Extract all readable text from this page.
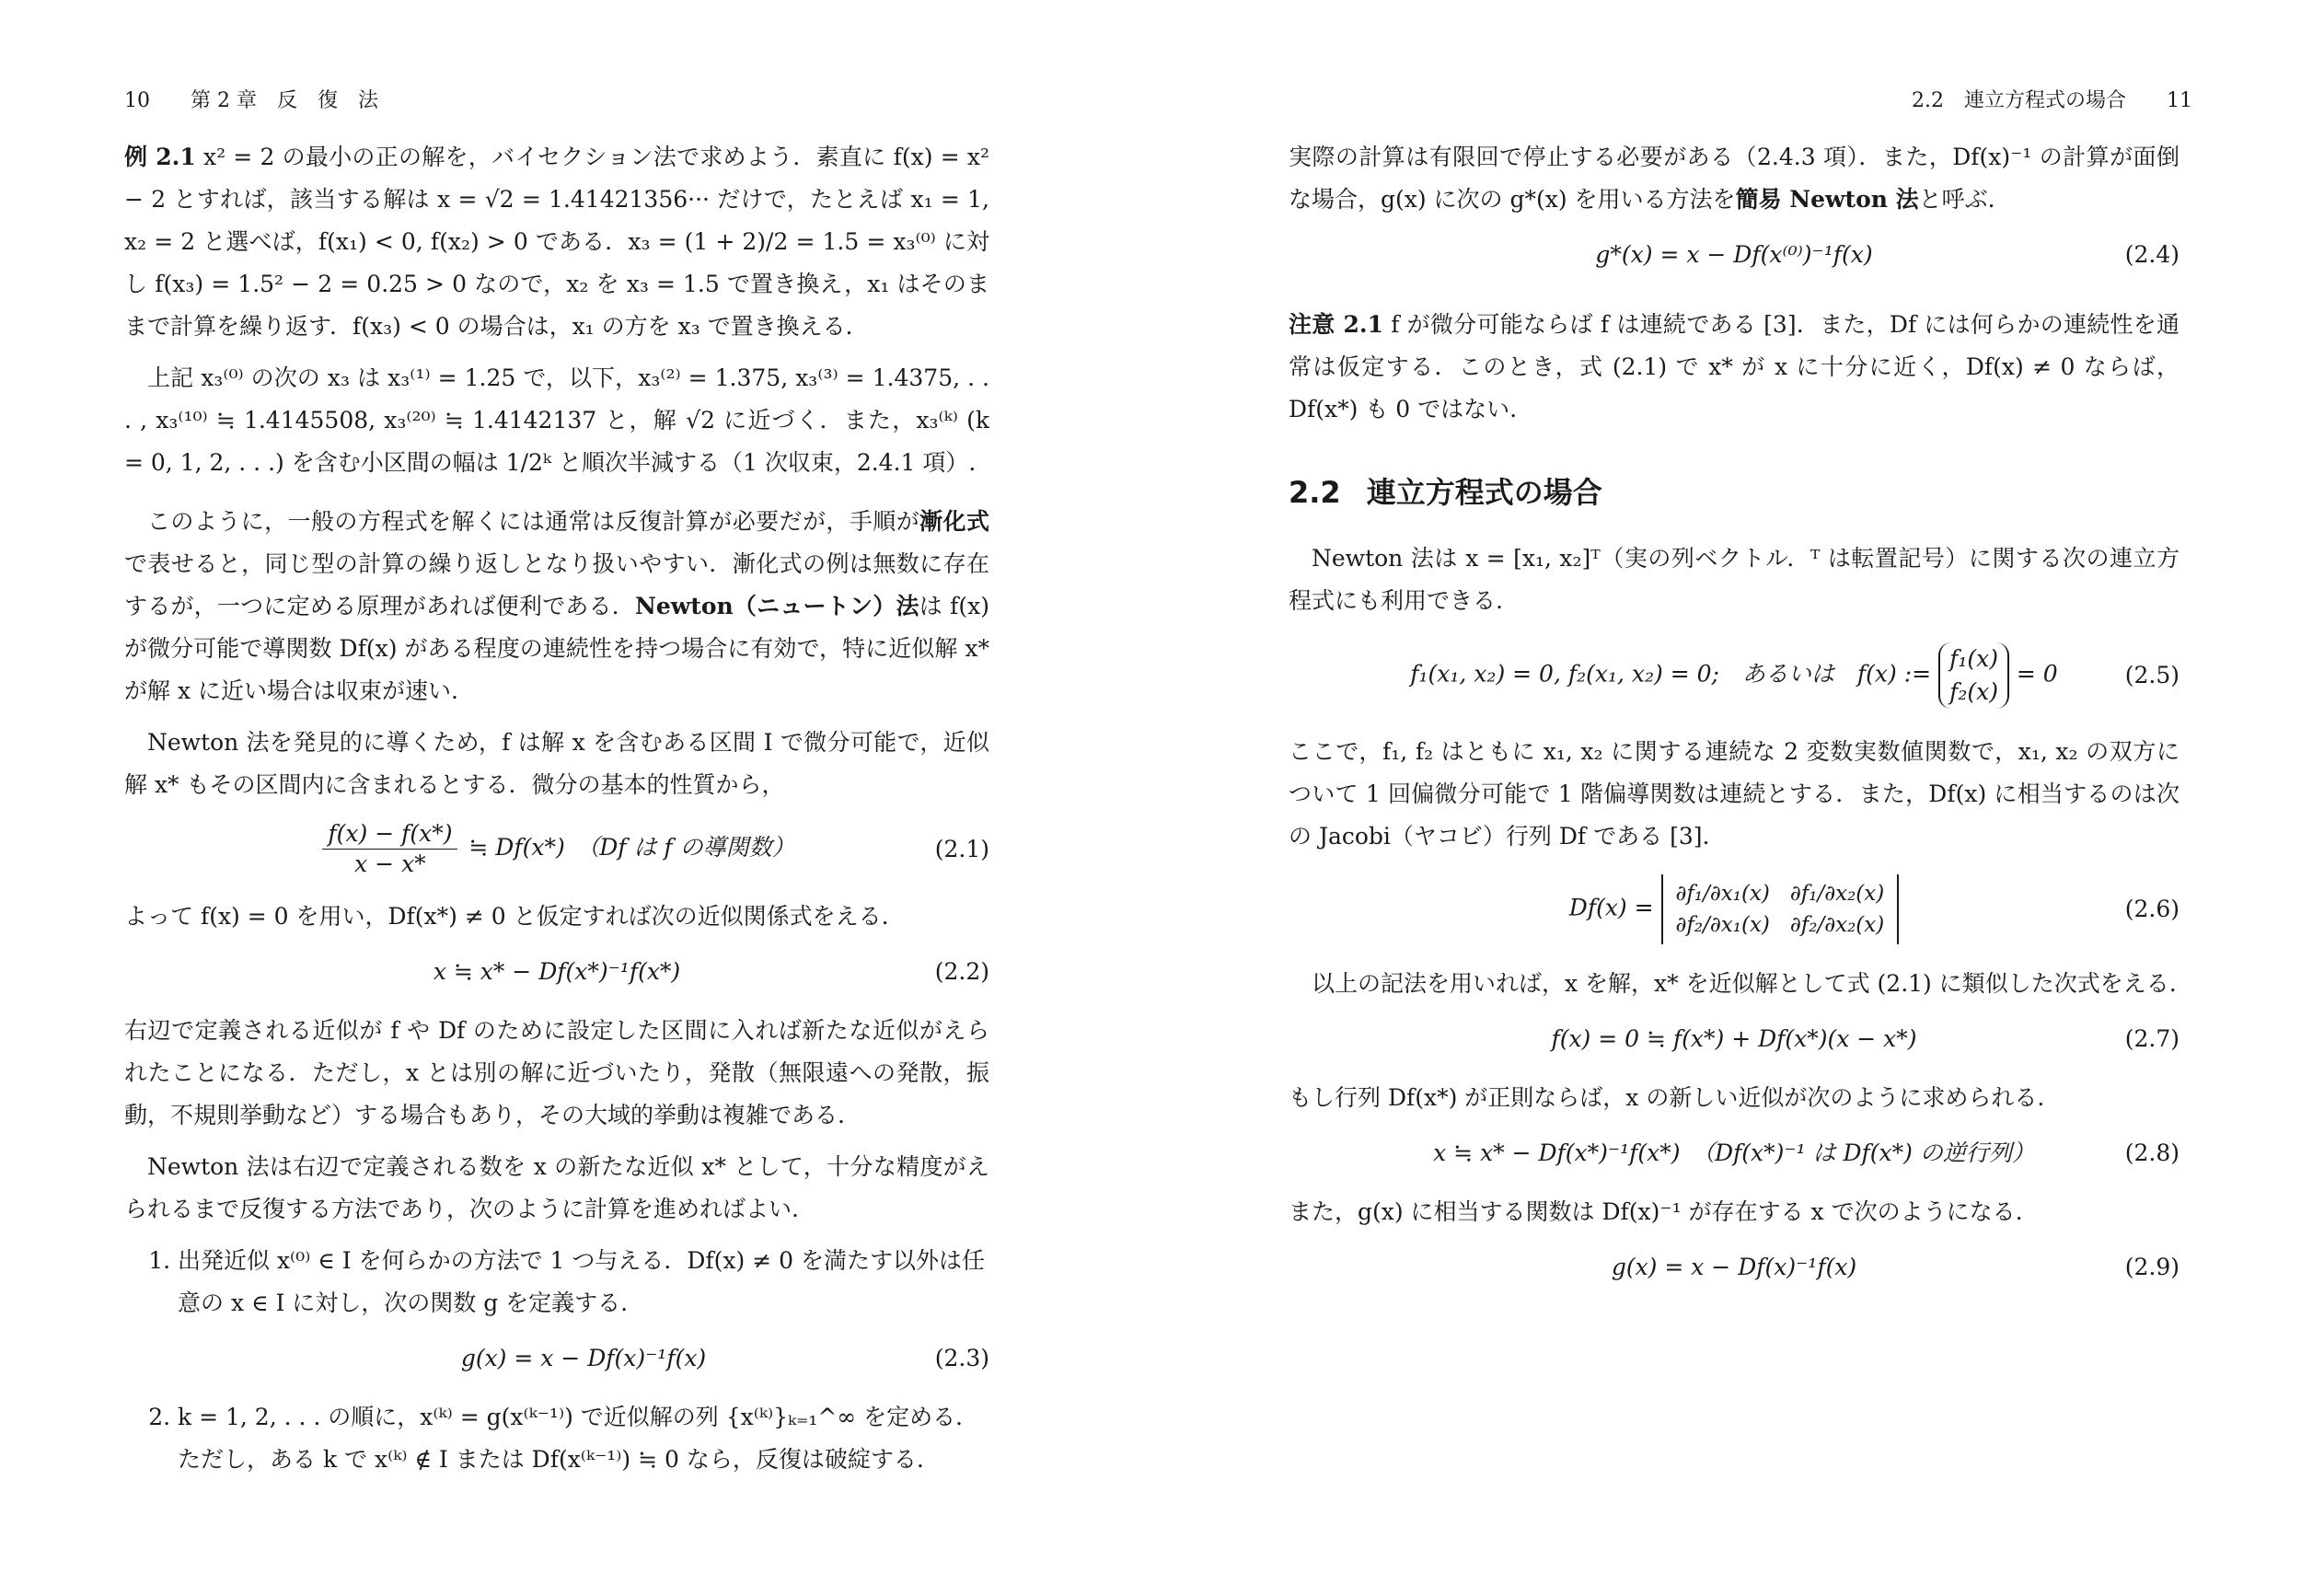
10　　第 2 章　反　復　法

例 2.1 x² = 2 の最小の正の解を，バイセクション法で求めよう．素直に f(x) = x² − 2 とすれば，該当する解は x = √2 = 1.41421356··· だけで，たとえば x₁ = 1, x₂ = 2 と選べば，f(x₁) < 0, f(x₂) > 0 である．x₃ = (1 + 2)/2 = 1.5 = x₃⁽⁰⁾ に対し f(x₃) = 1.5² − 2 = 0.25 > 0 なので，x₂ を x₃ = 1.5 で置き換え，x₁ はそのままで計算を繰り返す．f(x₃) < 0 の場合は，x₁ の方を x₃ で置き換える．

上記 x₃⁽⁰⁾ の次の x₃ は x₃⁽¹⁾ = 1.25 で，以下，x₃⁽²⁾ = 1.375, x₃⁽³⁾ = 1.4375, . . . , x₃⁽¹⁰⁾ ≒ 1.4145508, x₃⁽²⁰⁾ ≒ 1.4142137 と，解 √2 に近づく．また，x₃⁽ᵏ⁾ (k = 0, 1, 2, . . .) を含む小区間の幅は 1/2ᵏ と順次半減する（1 次収束，2.4.1 項）.

このように，一般の方程式を解くには通常は反復計算が必要だが，手順が漸化式で表せると，同じ型の計算の繰り返しとなり扱いやすい．漸化式の例は無数に存在するが，一つに定める原理があれば便利である．Newton（ニュートン）法は f(x) が微分可能で導関数 Df(x) がある程度の連続性を持つ場合に有効で，特に近似解 x* が解 x に近い場合は収束が速い.

Newton 法を発見的に導くため，f は解 x を含むある区間 I で微分可能で，近似解 x* もその区間内に含まれるとする．微分の基本的性質から，

$\frac{f(x) - f(x*)}{x - x*}$ ≒ Df(x*)　（Df は f の導関数）	( 2.1 )

よって f(x) = 0 を用い，Df(x*) ≠ 0 と仮定すれば次の近似関係式をえる.

x ≒ x* − Df(x*)⁻¹f(x*)	( 2.2 )

右辺で定義される近似が f や Df のために設定した区間に入れば新たな近似がえられたことになる．ただし，x とは別の解に近づいたり，発散（無限遠への発散，振動，不規則挙動など）する場合もあり，その大域的挙動は複雑である.

Newton 法は右辺で定義される数を x の新たな近似 x* として，十分な精度がえられるまで反復する方法であり，次のように計算を進めればよい.

1. 出発近似 x⁽⁰⁾ ∈ I を何らかの方法で 1 つ与える．Df(x) ≠ 0 を満たす以外は任意の x ∈ I に対し，次の関数 g を定義する.
g(x) = x − Df(x)⁻¹f(x)	( 2.3 )
2. k = 1, 2, . . . の順に，x⁽ᵏ⁾ = g(x⁽ᵏ⁻¹⁾) で近似解の列 {x⁽ᵏ⁾}ₖ₌₁^∞ を定める．ただし，ある k で x⁽ᵏ⁾ ∉ I または Df(x⁽ᵏ⁻¹⁾) ≒ 0 なら，反復は破綻する.
2.2　連立方程式の場合　　11

実際の計算は有限回で停止する必要がある（2.4.3 項）．また，Df(x)⁻¹ の計算が面倒な場合，g(x) に次の g*(x) を用いる方法を簡易 Newton 法と呼ぶ.

g*(x) = x − Df(x⁽⁰⁾)⁻¹f(x)	( 2.4 )

注意 2.1 f が微分可能ならば f は連続である [3]．また，Df には何らかの連続性を通常は仮定する．このとき，式 (2.1) で x* が x に十分に近く，Df(x) ≠ 0 ならば，Df(x*) も 0 ではない.

2.2 連立方程式の場合

Newton 法は x = [x₁, x₂]ᵀ（実の列ベクトル．ᵀ は転置記号）に関する次の連立方程式にも利用できる.

f₁(x₁, x₂) = 0, f₂(x₁, x₂) = 0;　あるいは　f(x) := f₁(x)
f₂(x) = 0	( 2.5 )

ここで，f₁, f₂ はともに x₁, x₂ に関する連続な 2 変数実数値関数で，x₁, x₂ の双方について 1 回偏微分可能で 1 階偏導関数は連続とする．また，Df(x) に相当するのは次の Jacobi（ヤコビ）行列 Df である [3].

Df(x) = ∂f₁/∂x₁(x)   ∂f₁/∂x₂(x)
∂f₂/∂x₁(x)   ∂f₂/∂x₂(x)
( 2.6 )

以上の記法を用いれば，x を解，x* を近似解として式 (2.1) に類似した次式をえる.

f(x) = 0 ≒ f(x*) + Df(x*)(x − x*)	( 2.7 )

もし行列 Df(x*) が正則ならば，x の新しい近似が次のように求められる.

x ≒ x* − Df(x*)⁻¹f(x*)　（Df(x*)⁻¹ は Df(x*) の逆行列）	( 2.8 )

また，g(x) に相当する関数は Df(x)⁻¹ が存在する x で次のようになる.

g(x) = x − Df(x)⁻¹f(x)	( 2.9 )
